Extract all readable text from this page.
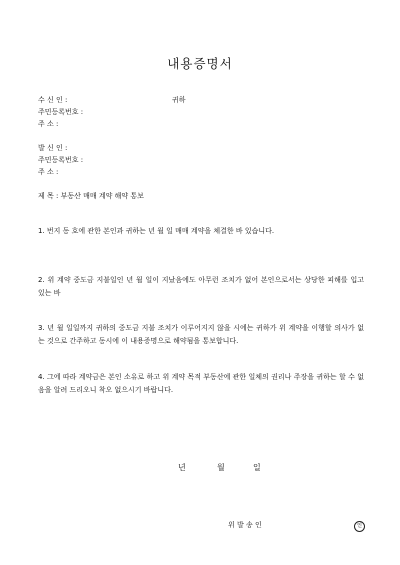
내용증명서
수 신 인 :	귀하
주민등록번호 :
주 소 :
발 신 인 :
주민등록번호 :
주 소 :
제 목 : 부동산 매매 계약 해약 통보
1. 번지 동 호에 관한 본인과 귀하는 년 월 일 매매 계약을 체결한 바 있습니다.
2. 위 계약 중도금 지불일인 년 월 일이 지났음에도 아무런 조치가 없어 본인으로서는 상당한 피해를 입고 있는 바
3. 년 월 일일까지 귀하의 중도금 지불 조치가 이루어지지 않을 시에는 귀하가 위 계약을 이행할 의사가 없는 것으로 간주하고 동시에 이 내용증명으로 해약됨을 통보합니다.
4. 그에 따라 계약금은 본인 소유로 하고 위 계약 목적 부동산에 관한 일체의 권리나 주장을 귀하는 할 수 없음을 알려 드리오니 착오 없으시기 바랍니다.
년	월	일
위 발 송 인	인
